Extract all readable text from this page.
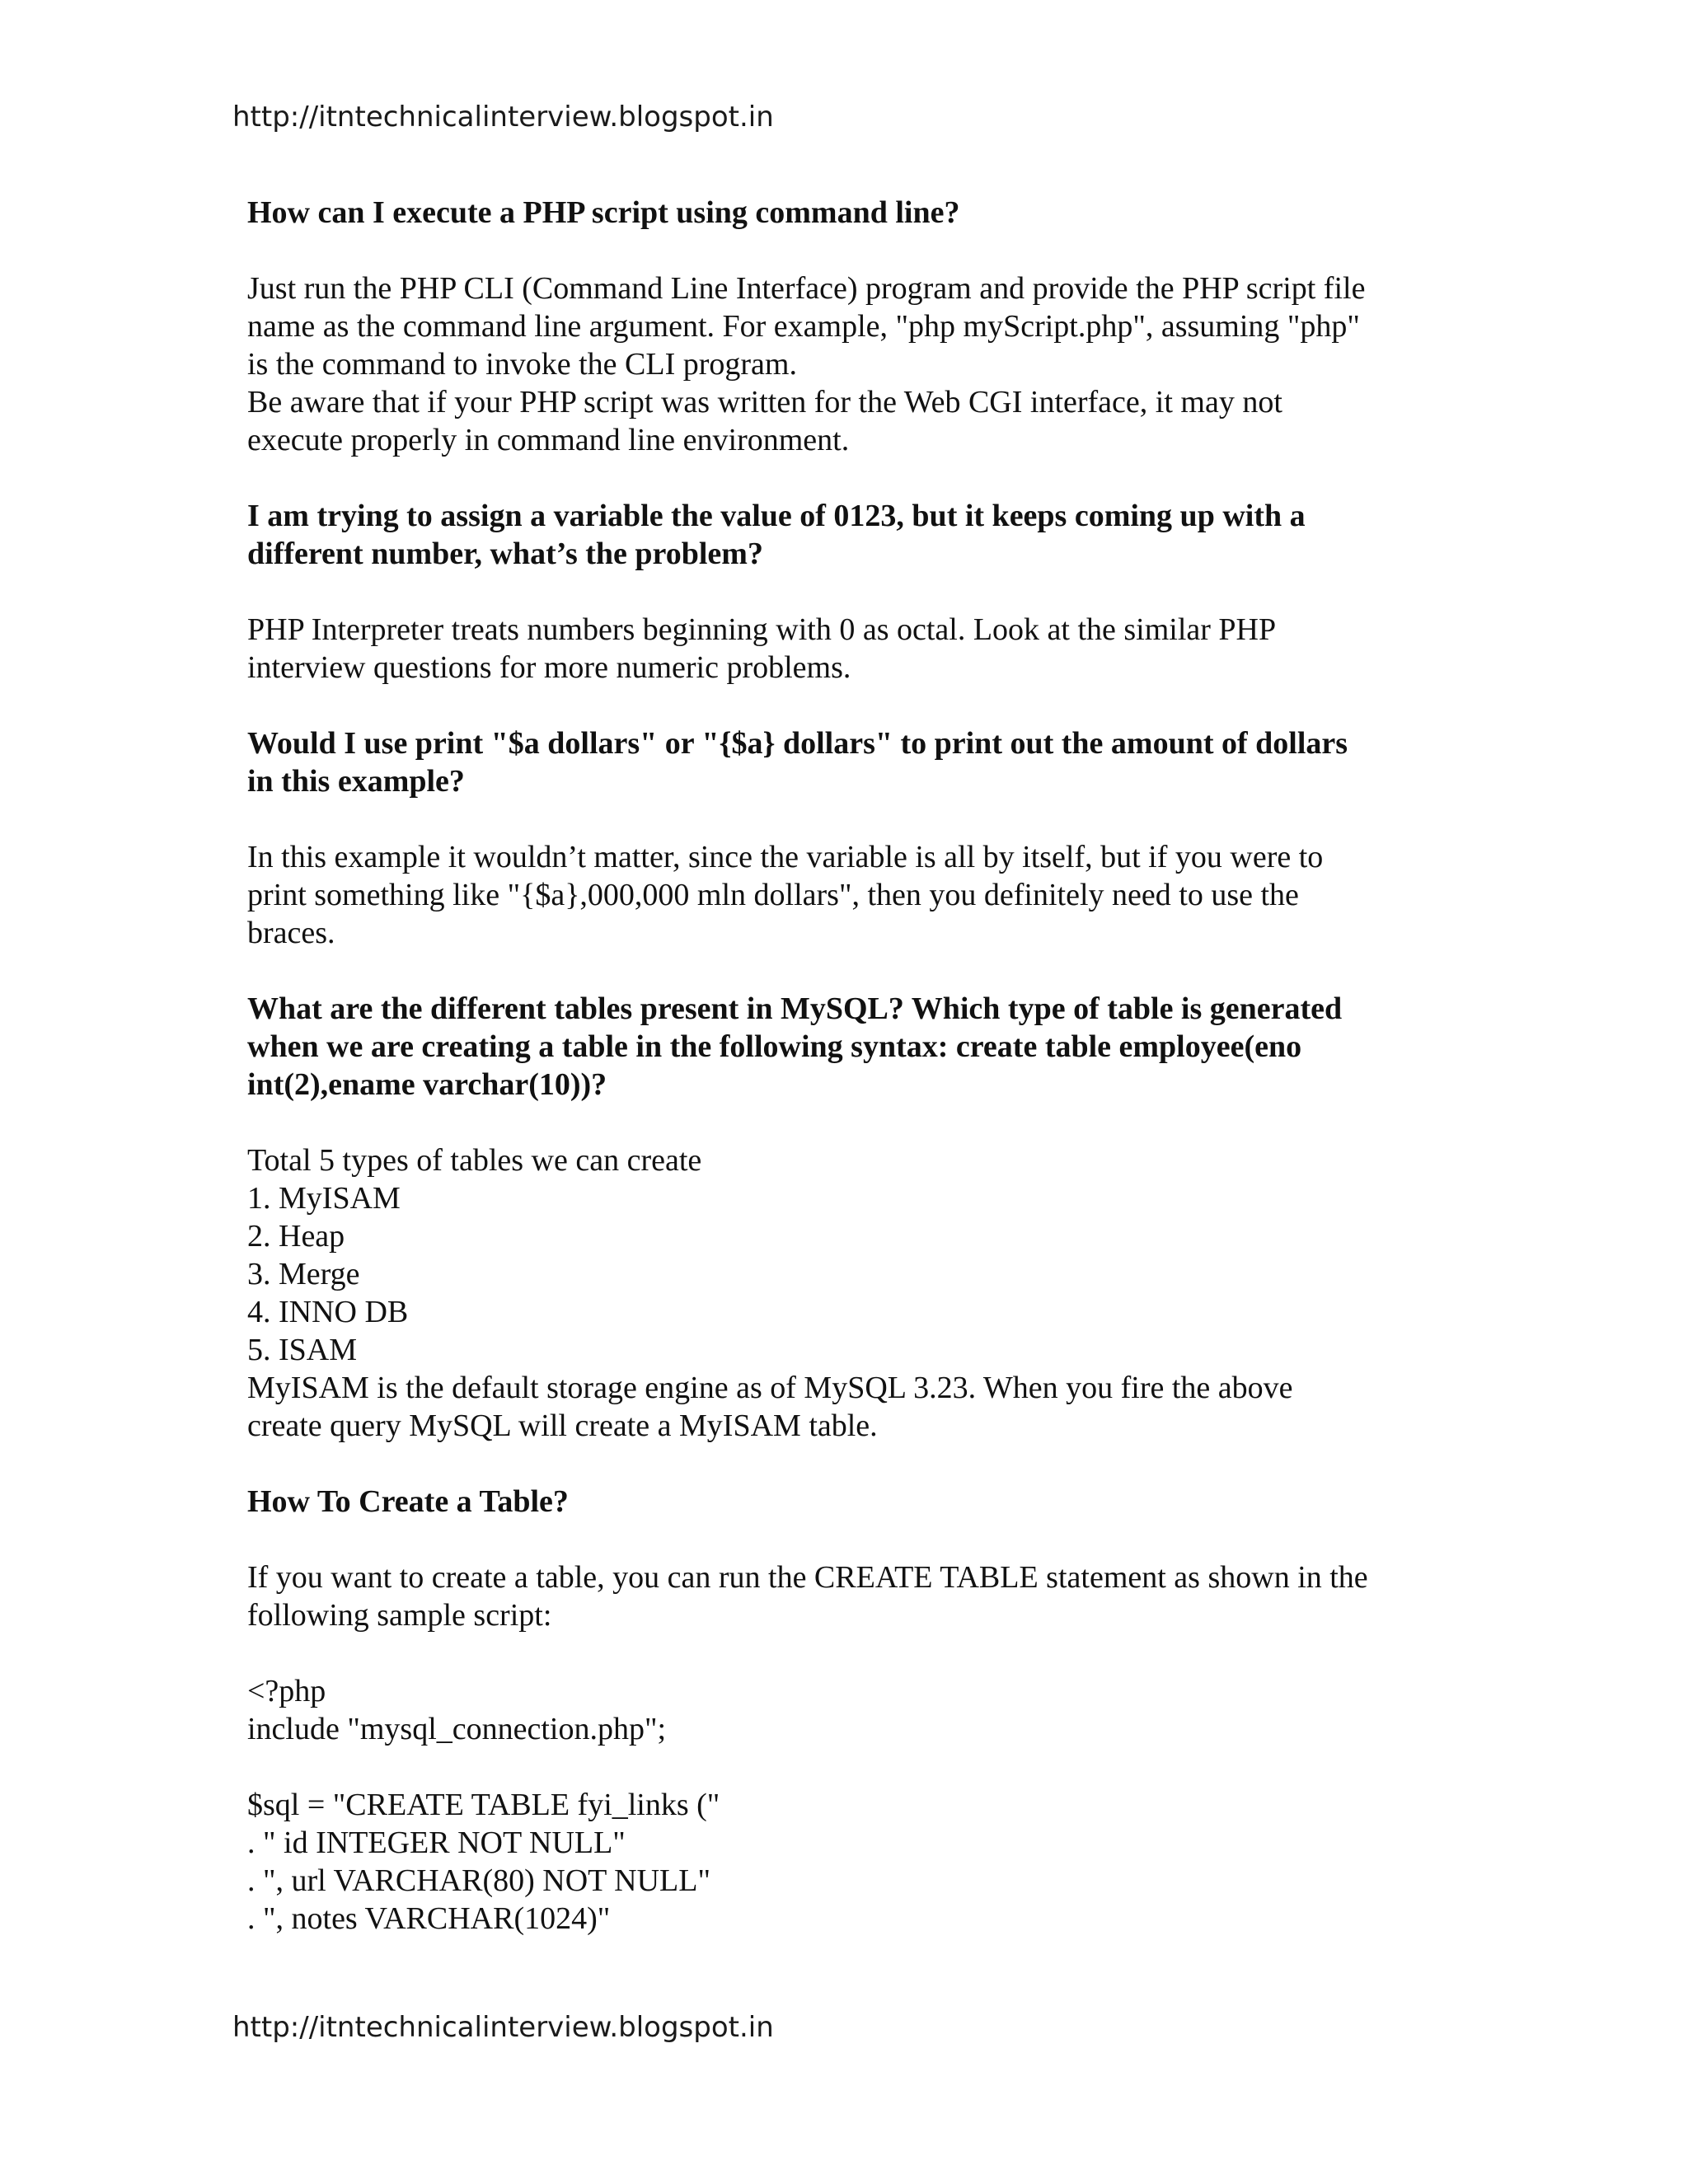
http://itntechnicalinterview.blogspot.in
How can I execute a PHP script using command line?
Just run the PHP CLI (Command Line Interface) program and provide the PHP script file
name as the command line argument. For example, "php myScript.php", assuming "php"
is the command to invoke the CLI program.
Be aware that if your PHP script was written for the Web CGI interface, it may not
execute properly in command line environment.
I am trying to assign a variable the value of 0123, but it keeps coming up with a
different number, what’s the problem?
PHP Interpreter treats numbers beginning with 0 as octal. Look at the similar PHP
interview questions for more numeric problems.
Would I use print "$a dollars" or "{$a} dollars" to print out the amount of dollars
in this example?
In this example it wouldn’t matter, since the variable is all by itself, but if you were to
print something like "{$a},000,000 mln dollars", then you definitely need to use the
braces.
What are the different tables present in MySQL? Which type of table is generated
when we are creating a table in the following syntax: create table employee(eno
int(2),ename varchar(10))?
Total 5 types of tables we can create
1. MyISAM
2. Heap
3. Merge
4. INNO DB
5. ISAM
MyISAM is the default storage engine as of MySQL 3.23. When you fire the above
create query MySQL will create a MyISAM table.
How To Create a Table?
If you want to create a table, you can run the CREATE TABLE statement as shown in the
following sample script:
<?php
include "mysql_connection.php";
$sql = "CREATE TABLE fyi_links ("
. " id INTEGER NOT NULL"
. ", url VARCHAR(80) NOT NULL"
. ", notes VARCHAR(1024)"
http://itntechnicalinterview.blogspot.in
